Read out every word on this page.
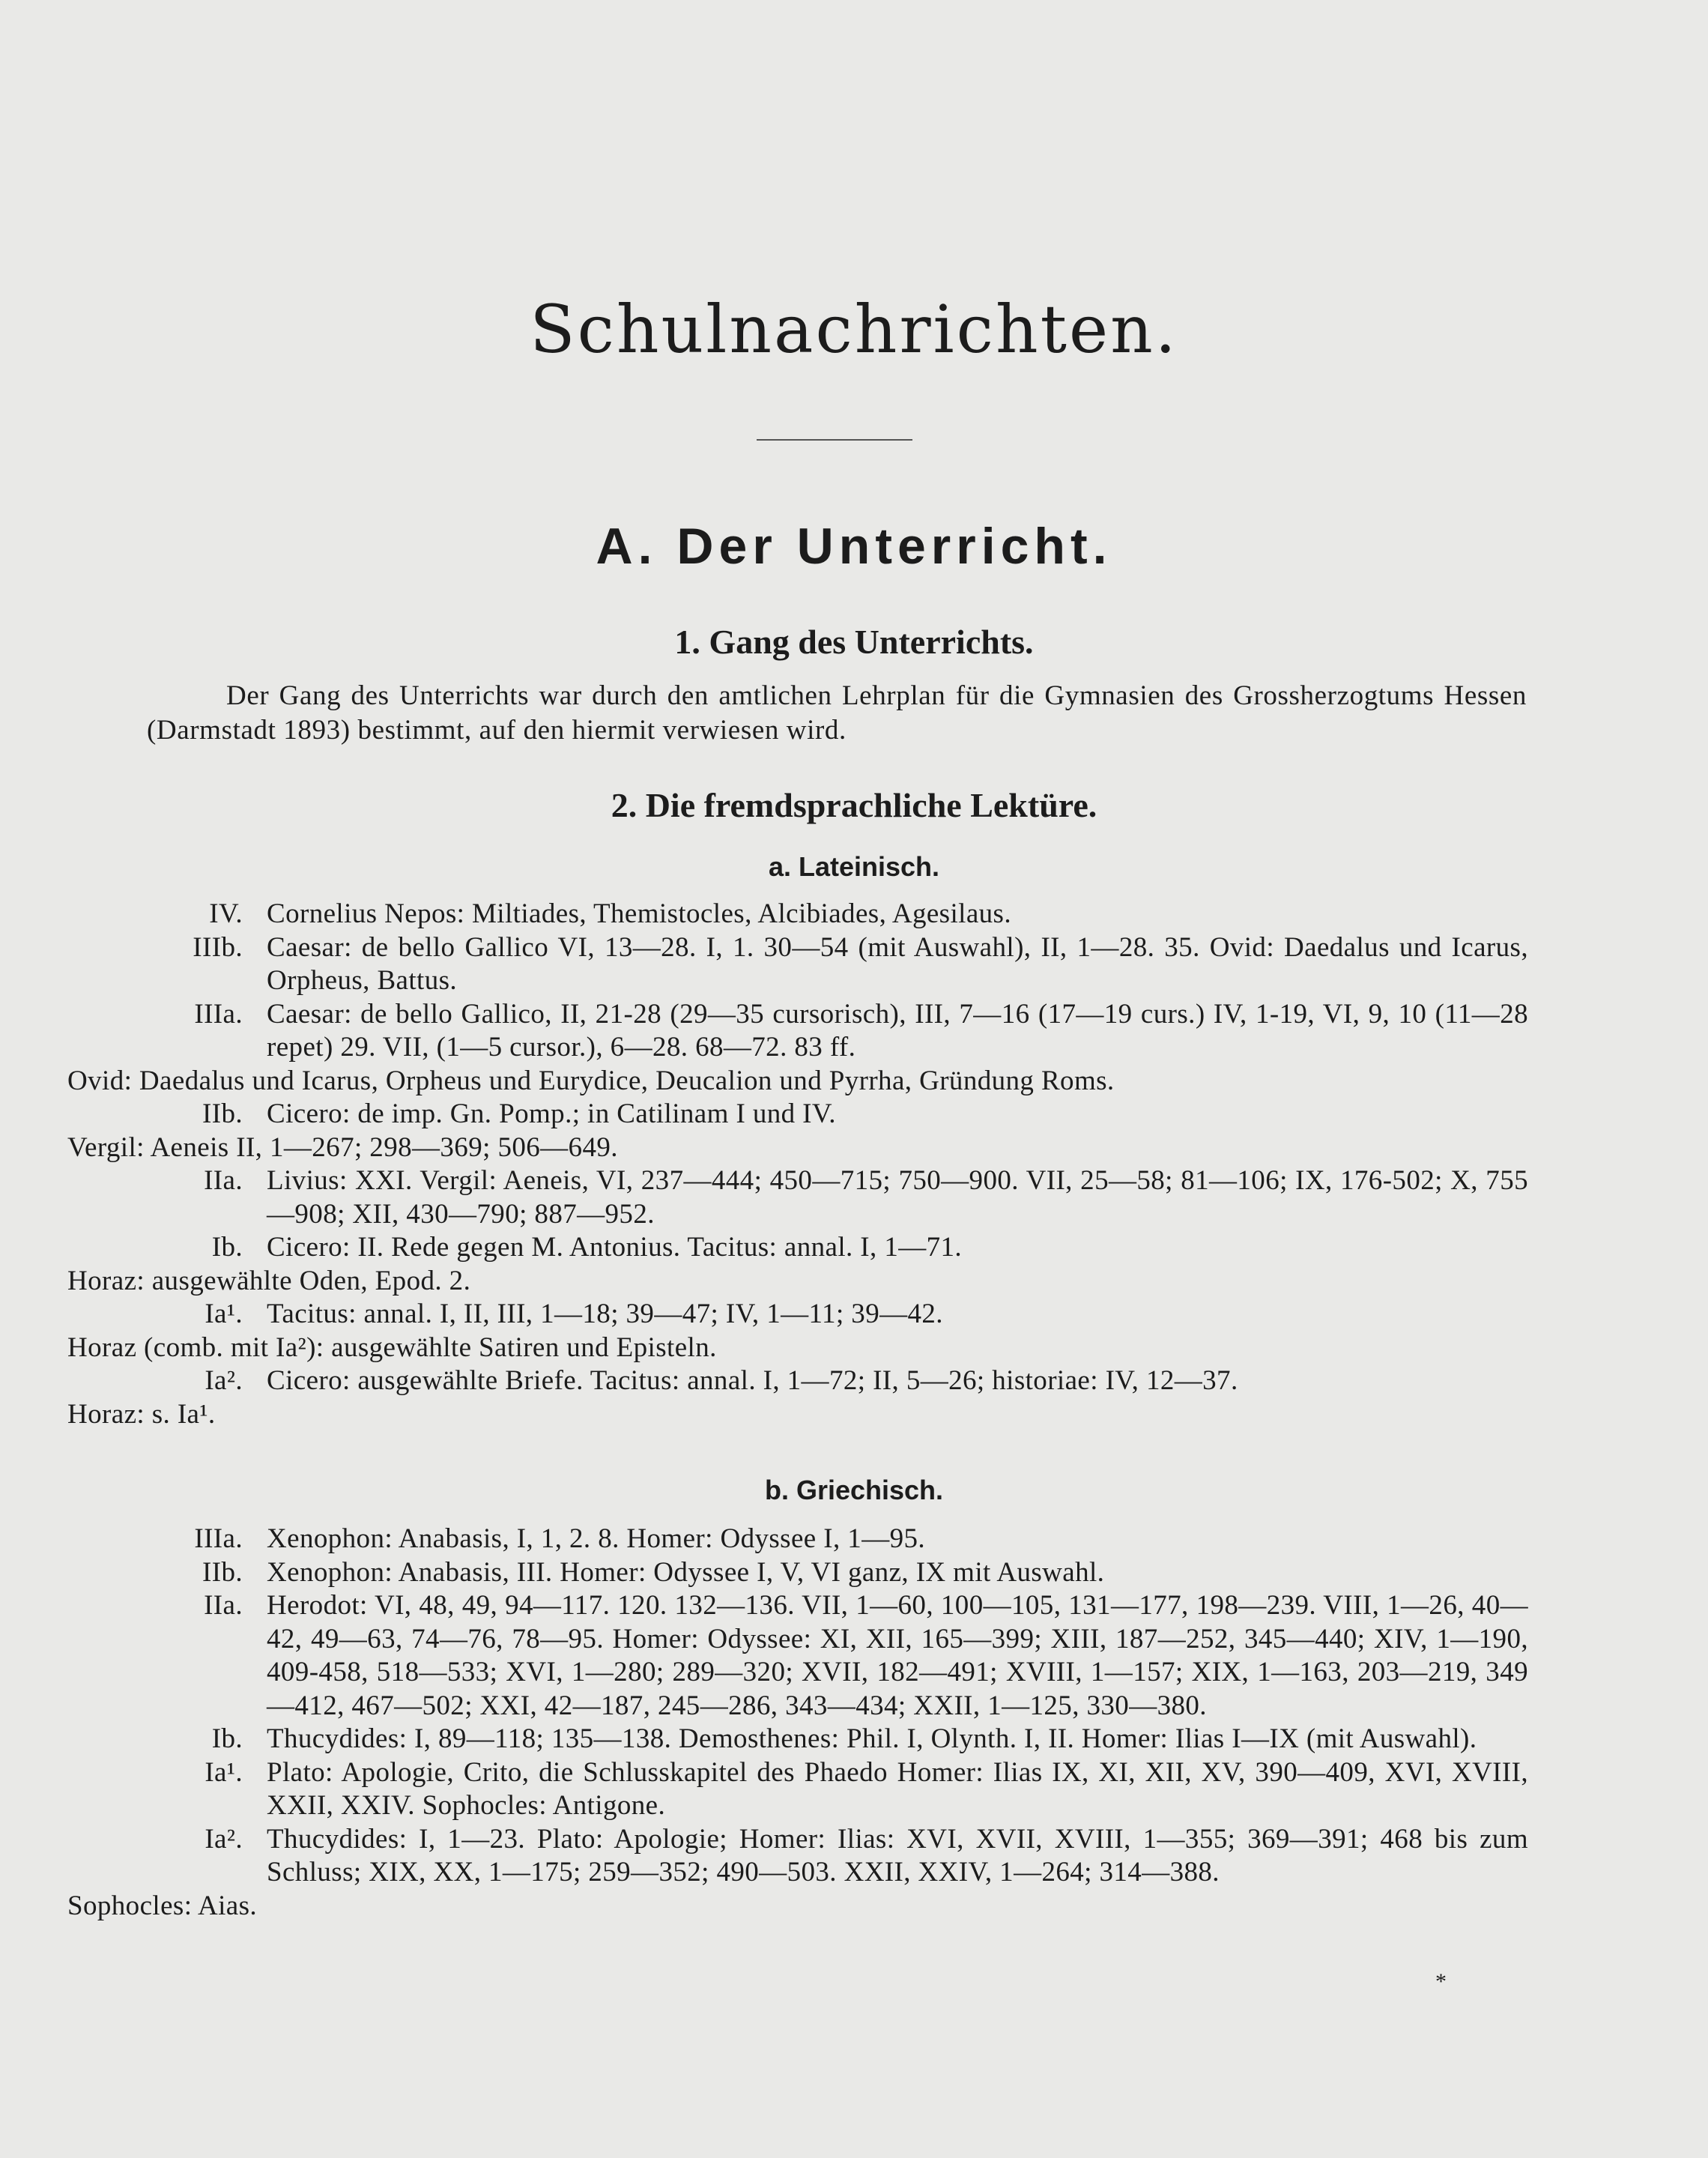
Schulnachrichten.
A. Der Unterricht.
1. Gang des Unterrichts.
Der Gang des Unterrichts war durch den amtlichen Lehrplan für die Gymnasien des Grossherzogtums Hessen (Darmstadt 1893) bestimmt, auf den hiermit verwiesen wird.
2. Die fremdsprachliche Lektüre.
a. Lateinisch.
IV. Cornelius Nepos: Miltiades, Themistocles, Alcibiades, Agesilaus.
IIIb. Caesar: de bello Gallico VI, 13—28. I, 1. 30—54 (mit Auswahl), II, 1—28. 35. Ovid: Daedalus und Icarus, Orpheus, Battus.
IIIa. Caesar: de bello Gallico, II, 21-28 (29—35 cursorisch), III, 7—16 (17—19 curs.) IV, 1-19, VI, 9, 10 (11—28 repet) 29. VII, (1—5 cursor.), 6—28. 68—72. 83 ff.
Ovid: Daedalus und Icarus, Orpheus und Eurydice, Deucalion und Pyrrha, Gründung Roms.
IIb. Cicero: de imp. Gn. Pomp.; in Catilinam I und IV.
Vergil: Aeneis II, 1—267; 298—369; 506—649.
IIa. Livius: XXI. Vergil: Aeneis, VI, 237—444; 450—715; 750—900. VII, 25—58; 81—106; IX, 176-502; X, 755—908; XII, 430—790; 887—952.
Ib. Cicero: II. Rede gegen M. Antonius. Tacitus: annal. I, 1—71.
Horaz: ausgewählte Oden, Epod. 2.
Ia¹. Tacitus: annal. I, II, III, 1—18; 39—47; IV, 1—11; 39—42.
Horaz (comb. mit Ia²): ausgewählte Satiren und Episteln.
Ia². Cicero: ausgewählte Briefe. Tacitus: annal. I, 1—72; II, 5—26; historiae: IV, 12—37.
Horaz: s. Ia¹.
b. Griechisch.
IIIa. Xenophon: Anabasis, I, 1, 2. 8. Homer: Odyssee I, 1—95.
IIb. Xenophon: Anabasis, III. Homer: Odyssee I, V, VI ganz, IX mit Auswahl.
IIa. Herodot: VI, 48, 49, 94—117. 120. 132—136. VII, 1—60, 100—105, 131—177, 198—239. VIII, 1—26, 40—42, 49—63, 74—76, 78—95. Homer: Odyssee: XI, XII, 165—399; XIII, 187—252, 345—440; XIV, 1—190, 409-458, 518—533; XVI, 1—280; 289—320; XVII, 182—491; XVIII, 1—157; XIX, 1—163, 203—219, 349—412, 467—502; XXI, 42—187, 245—286, 343—434; XXII, 1—125, 330—380.
Ib. Thucydides: I, 89—118; 135—138. Demosthenes: Phil. I, Olynth. I, II. Homer: Ilias I—IX (mit Auswahl).
Ia¹. Plato: Apologie, Crito, die Schlusskapitel des Phaedo Homer: Ilias IX, XI, XII, XV, 390—409, XVI, XVIII, XXII, XXIV. Sophocles: Antigone.
Ia². Thucydides: I, 1—23. Plato: Apologie; Homer: Ilias: XVI, XVII, XVIII, 1—355; 369—391; 468 bis zum Schluss; XIX, XX, 1—175; 259—352; 490—503. XXII, XXIV, 1—264; 314—388.
Sophocles: Aias.
*
